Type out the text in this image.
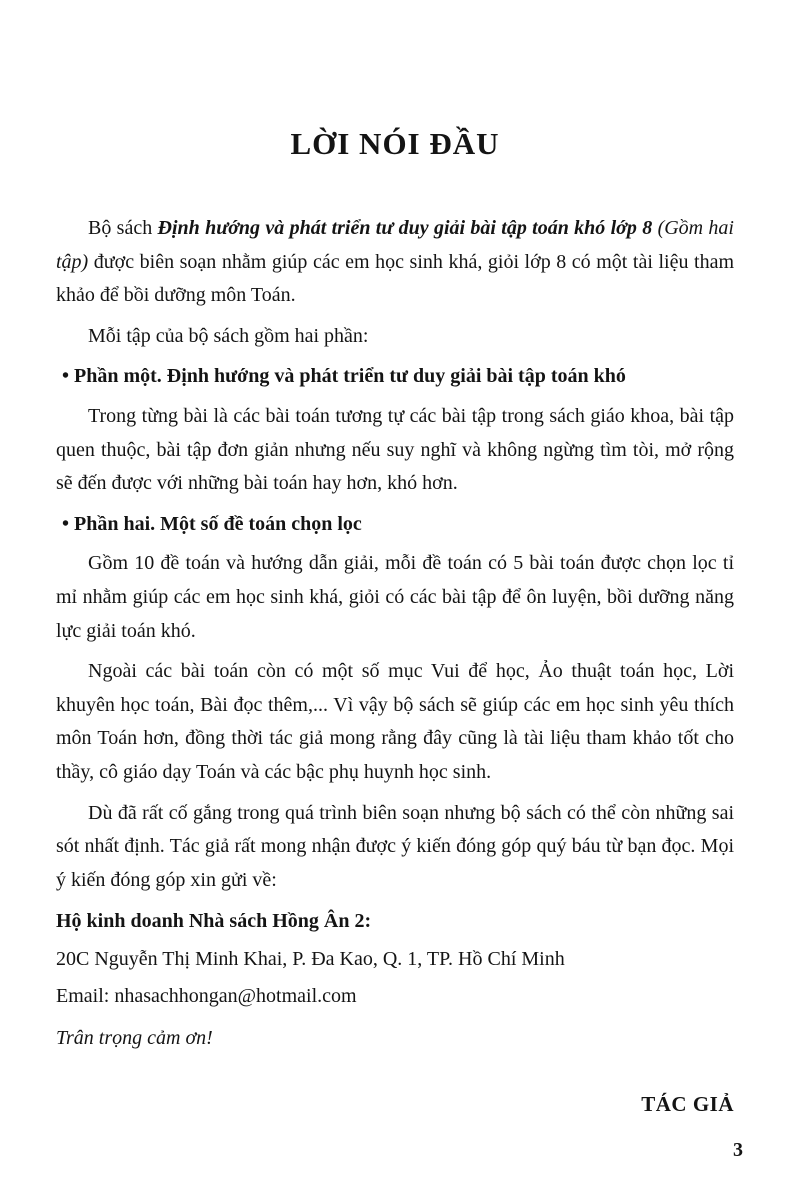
LỜI NÓI ĐẦU

Bộ sách Định hướng và phát triển tư duy giải bài tập toán khó lớp 8 (Gồm hai tập) được biên soạn nhằm giúp các em học sinh khá, giỏi lớp 8 có một tài liệu tham khảo để bồi dưỡng môn Toán.

Mỗi tập của bộ sách gồm hai phần:

• Phần một. Định hướng và phát triển tư duy giải bài tập toán khó

Trong từng bài là các bài toán tương tự các bài tập trong sách giáo khoa, bài tập quen thuộc, bài tập đơn giản nhưng nếu suy nghĩ và không ngừng tìm tòi, mở rộng sẽ đến được với những bài toán hay hơn, khó hơn.

• Phần hai. Một số đề toán chọn lọc

Gồm 10 đề toán và hướng dẫn giải, mỗi đề toán có 5 bài toán được chọn lọc tỉ mỉ nhằm giúp các em học sinh khá, giỏi có các bài tập để ôn luyện, bồi dưỡng năng lực giải toán khó.

Ngoài các bài toán còn có một số mục Vui để học, Ảo thuật toán học, Lời khuyên học toán, Bài đọc thêm,... Vì vậy bộ sách sẽ giúp các em học sinh yêu thích môn Toán hơn, đồng thời tác giả mong rằng đây cũng là tài liệu tham khảo tốt cho thầy, cô giáo dạy Toán và các bậc phụ huynh học sinh.

Dù đã rất cố gắng trong quá trình biên soạn nhưng bộ sách có thể còn những sai sót nhất định. Tác giả rất mong nhận được ý kiến đóng góp quý báu từ bạn đọc. Mọi ý kiến đóng góp xin gửi về:

Hộ kinh doanh Nhà sách Hồng Ân 2:

20C Nguyễn Thị Minh Khai, P. Đa Kao, Q. 1, TP. Hồ Chí Minh

Email: nhasachhongan@hotmail.com

Trân trọng cảm ơn!

TÁC GIẢ

3
